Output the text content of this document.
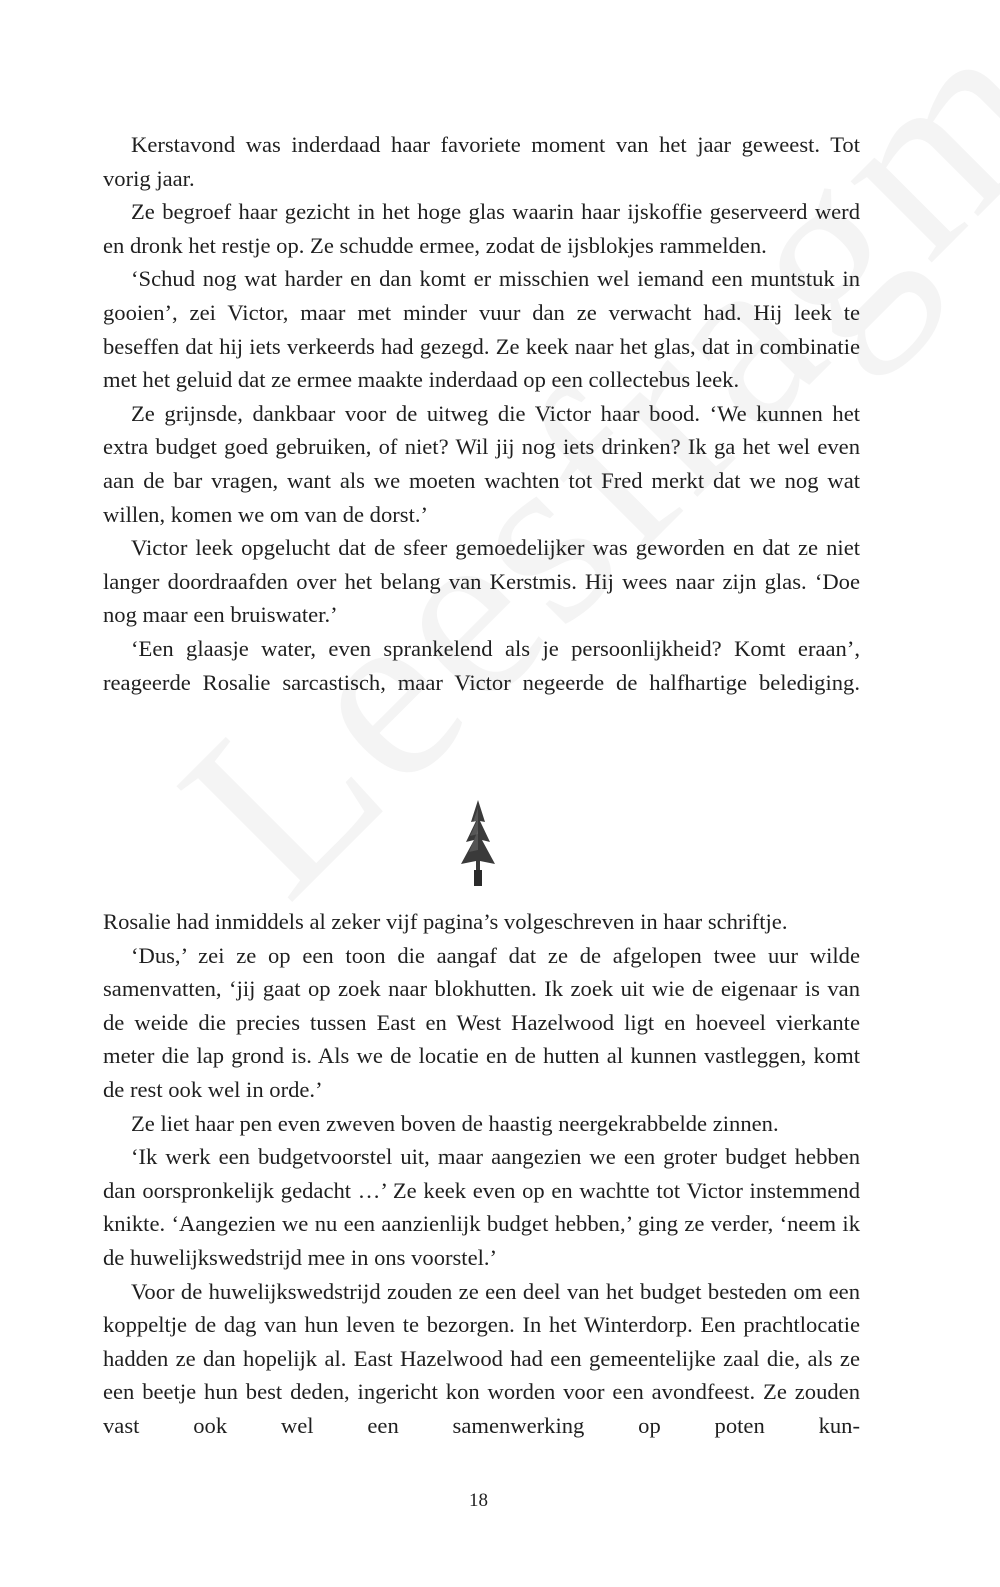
Kerstavond was inderdaad haar favoriete moment van het jaar geweest. Tot vorig jaar.

Ze begroef haar gezicht in het hoge glas waarin haar ijskoffie geserveerd werd en dronk het restje op. Ze schudde ermee, zodat de ijsblokjes rammelden.

‘Schud nog wat harder en dan komt er misschien wel iemand een muntstuk in gooien’, zei Victor, maar met minder vuur dan ze verwacht had. Hij leek te beseffen dat hij iets verkeerds had gezegd. Ze keek naar het glas, dat in combinatie met het geluid dat ze ermee maakte inderdaad op een collectebus leek.

Ze grijnsde, dankbaar voor de uitweg die Victor haar bood. ‘We kunnen het extra budget goed gebruiken, of niet? Wil jij nog iets drinken? Ik ga het wel even aan de bar vragen, want als we moeten wachten tot Fred merkt dat we nog wat willen, komen we om van de dorst.’

Victor leek opgelucht dat de sfeer gemoedelijker was geworden en dat ze niet langer doordraafden over het belang van Kerstmis. Hij wees naar zijn glas. ‘Doe nog maar een bruiswater.’

‘Een glaasje water, even sprankelend als je persoonlijkheid? Komt eraan’, reageerde Rosalie sarcastisch, maar Victor negeerde de halfhartige belediging.

Rosalie had inmiddels al zeker vijf pagina’s volgeschreven in haar schriftje.

‘Dus,’ zei ze op een toon die aangaf dat ze de afgelopen twee uur wilde samenvatten, ‘jij gaat op zoek naar blokhutten. Ik zoek uit wie de eigenaar is van de weide die precies tussen East en West Hazelwood ligt en hoeveel vierkante meter die lap grond is. Als we de locatie en de hutten al kunnen vastleggen, komt de rest ook wel in orde.’

Ze liet haar pen even zweven boven de haastig neergekrabbelde zinnen.

‘Ik werk een budgetvoorstel uit, maar aangezien we een groter budget hebben dan oorspronkelijk gedacht …’ Ze keek even op en wachtte tot Victor instemmend knikte. ‘Aangezien we nu een aanzienlijk budget hebben,’ ging ze verder, ‘neem ik de huwelijkswedstrijd mee in ons voorstel.’

Voor de huwelijkswedstrijd zouden ze een deel van het budget besteden om een koppeltje de dag van hun leven te bezorgen. In het Winterdorp. Een prachtlocatie hadden ze dan hopelijk al. East Hazelwood had een gemeentelijke zaal die, als ze een beetje hun best deden, ingericht kon worden voor een avondfeest. Ze zouden vast ook wel een samenwerking op poten kun-

18
